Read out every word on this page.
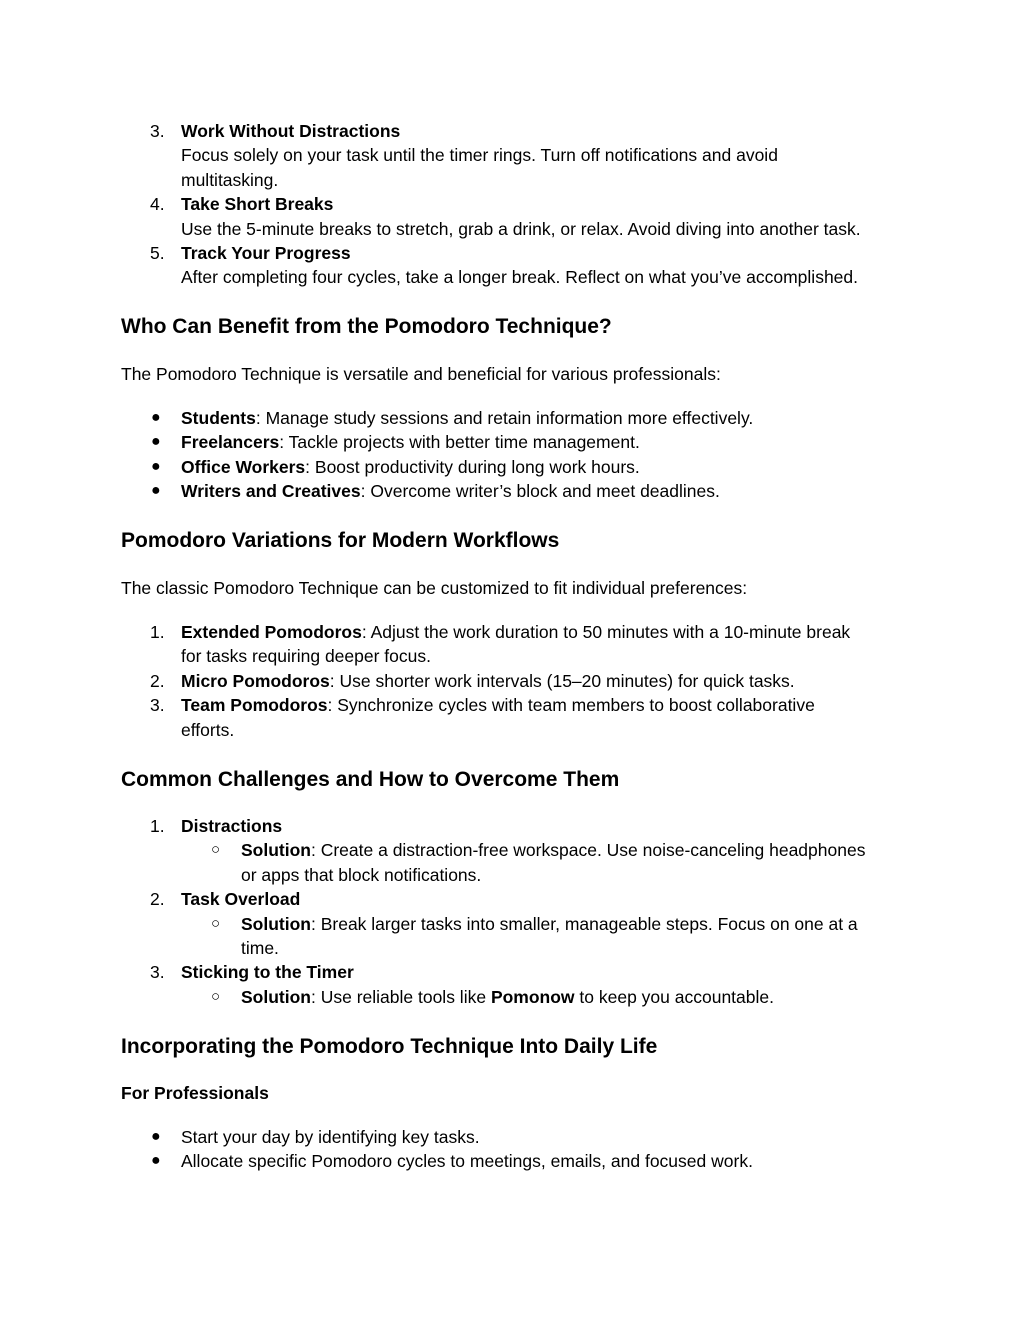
3. Work Without Distractions
Focus solely on your task until the timer rings. Turn off notifications and avoid
multitasking.
4. Take Short Breaks
Use the 5-minute breaks to stretch, grab a drink, or relax. Avoid diving into another task.
5. Track Your Progress
After completing four cycles, take a longer break. Reflect on what you’ve accomplished.
Who Can Benefit from the Pomodoro Technique?

The Pomodoro Technique is versatile and beneficial for various professionals:

● Students: Manage study sessions and retain information more effectively.
● Freelancers: Tackle projects with better time management.
● Office Workers: Boost productivity during long work hours.
● Writers and Creatives: Overcome writer’s block and meet deadlines.
Pomodoro Variations for Modern Workflows

The classic Pomodoro Technique can be customized to fit individual preferences:

1. Extended Pomodoros: Adjust the work duration to 50 minutes with a 10-minute break
for tasks requiring deeper focus.
2. Micro Pomodoros: Use shorter work intervals (15–20 minutes) for quick tasks.
3. Team Pomodoros: Synchronize cycles with team members to boost collaborative
efforts.
Common Challenges and How to Overcome Them
1. Distractions
○ Solution: Create a distraction-free workspace. Use noise-canceling headphones
or apps that block notifications.
2. Task Overload
○ Solution: Break larger tasks into smaller, manageable steps. Focus on one at a
time.
3. Sticking to the Timer
○ Solution: Use reliable tools like Pomonow to keep you accountable.
Incorporating the Pomodoro Technique Into Daily Life
For Professionals
● Start your day by identifying key tasks.
● Allocate specific Pomodoro cycles to meetings, emails, and focused work.
